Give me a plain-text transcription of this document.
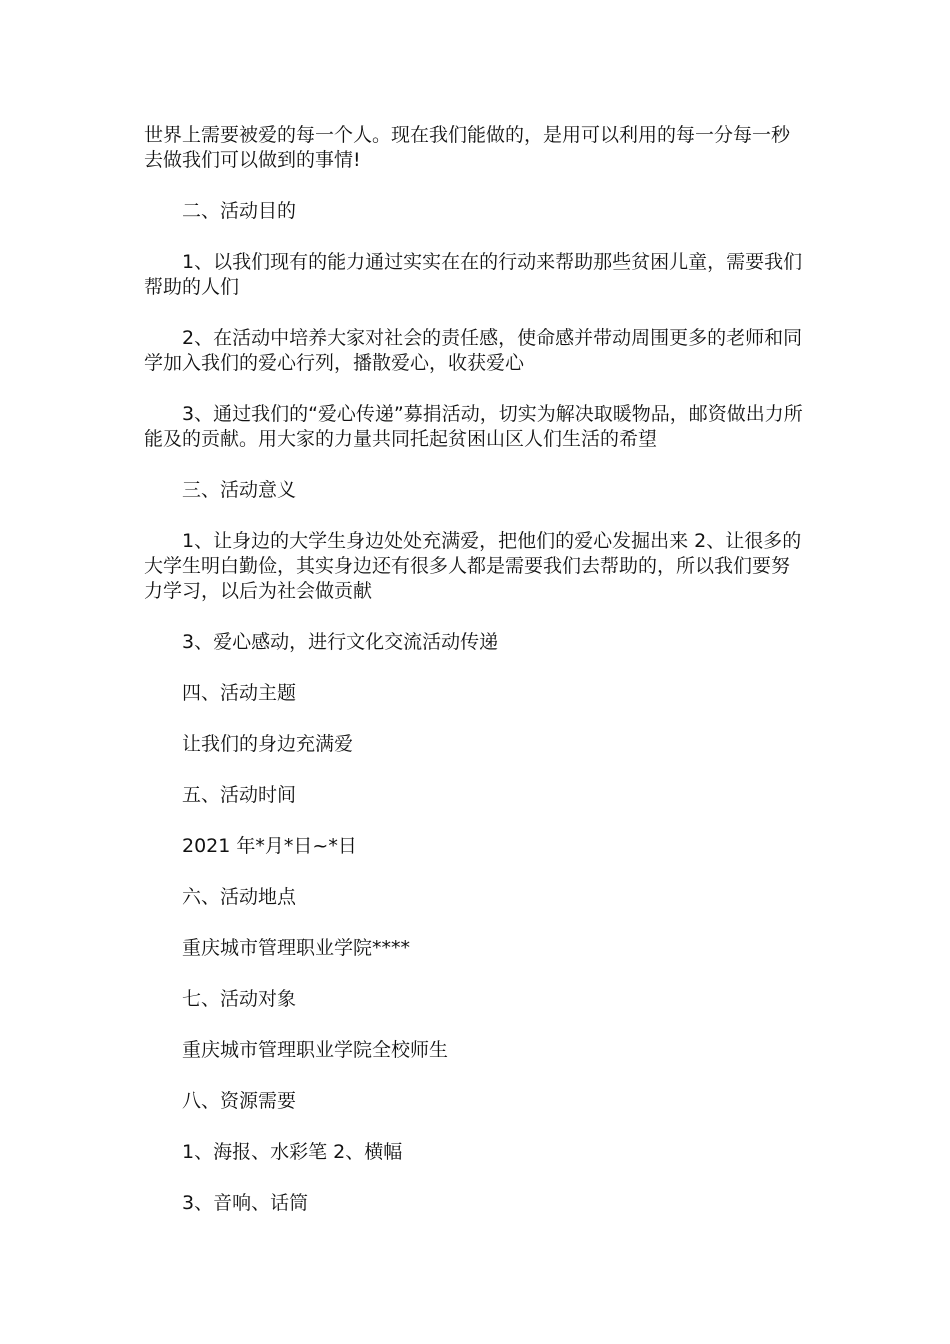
世界上需要被爱的每一个人。现在我们能做的，是用可以利用的每一分每一秒去做我们可以做到的事情!

二、活动目的

1、以我们现有的能力通过实实在在的行动来帮助那些贫困儿童，需要我们帮助的人们

2、在活动中培养大家对社会的责任感，使命感并带动周围更多的老师和同学加入我们的爱心行列，播散爱心，收获爱心

3、通过我们的“爱心传递”募捐活动，切实为解决取暖物品，邮资做出力所能及的贡献。用大家的力量共同托起贫困山区人们生活的希望

三、活动意义

1、让身边的大学生身边处处充满爱，把他们的爱心发掘出来 2、让很多的大学生明白勤俭，其实身边还有很多人都是需要我们去帮助的，所以我们要努力学习，以后为社会做贡献

3、爱心感动，进行文化交流活动传递

四、活动主题

让我们的身边充满爱

五、活动时间

2021 年*月*日~*日

六、活动地点

重庆城市管理职业学院****

七、活动对象

重庆城市管理职业学院全校师生

八、资源需要

1、海报、水彩笔 2、横幅

3、音响、话筒
